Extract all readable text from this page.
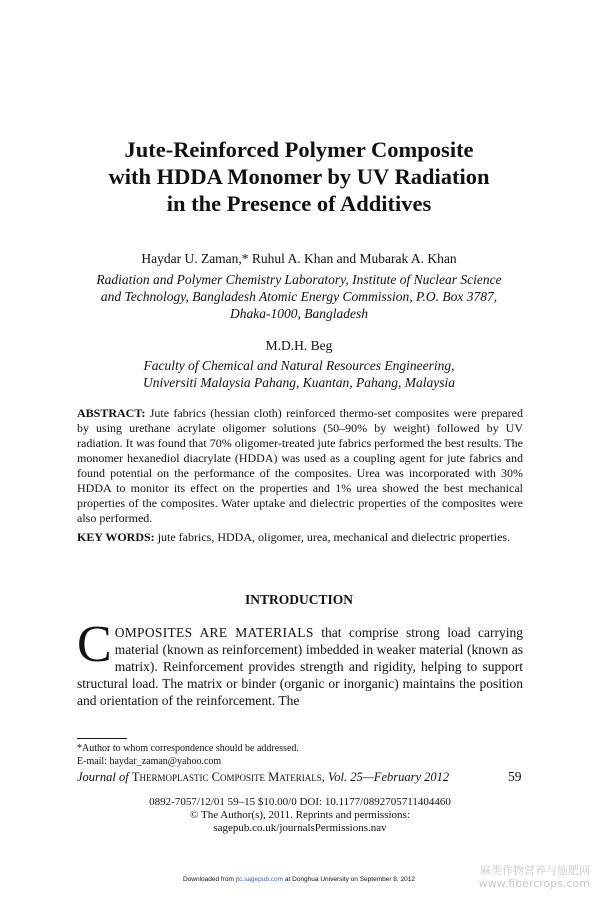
Jute-Reinforced Polymer Composite
with HDDA Monomer by UV Radiation
in the Presence of Additives
Haydar U. Zaman,* Ruhul A. Khan and Mubarak A. Khan
Radiation and Polymer Chemistry Laboratory, Institute of Nuclear Science
and Technology, Bangladesh Atomic Energy Commission, P.O. Box 3787,
Dhaka-1000, Bangladesh
M.D.H. Beg
Faculty of Chemical and Natural Resources Engineering,
Universiti Malaysia Pahang, Kuantan, Pahang, Malaysia
ABSTRACT: Jute fabrics (hessian cloth) reinforced thermo-set composites were prepared by using urethane acrylate oligomer solutions (50–90% by weight) followed by UV radiation. It was found that 70% oligomer-treated jute fabrics performed the best results. The monomer hexanediol diacrylate (HDDA) was used as a coupling agent for jute fabrics and found potential on the performance of the composites. Urea was incorporated with 30% HDDA to monitor its effect on the properties and 1% urea showed the best mechanical properties of the composites. Water uptake and dielectric properties of the composites were also performed.
KEY WORDS: jute fabrics, HDDA, oligomer, urea, mechanical and dielectric properties.
INTRODUCTION
C OMPOSITES ARE MATERIALS that comprise strong load carrying material (known as reinforcement) imbedded in weaker material (known as matrix). Reinforcement provides strength and rigidity, helping to support structural load. The matrix or binder (organic or inorganic) maintains the position and orientation of the reinforcement. The
*Author to whom correspondence should be addressed.
E-mail: haydar_zaman@yahoo.com
Journal of Thermoplastic Composite Materials, Vol. 25—February 2012	59
0892-7057/12/01 59–15 $10.00/0 DOI: 10.1177/0892705711404460
© The Author(s), 2011. Reprints and permissions:
sagepub.co.uk/journalsPermissions.nav
Downloaded from jtc.sagepub.com at Donghua University on September 8, 2012
麻类作物营养与施肥网
www.fibercrops.com
